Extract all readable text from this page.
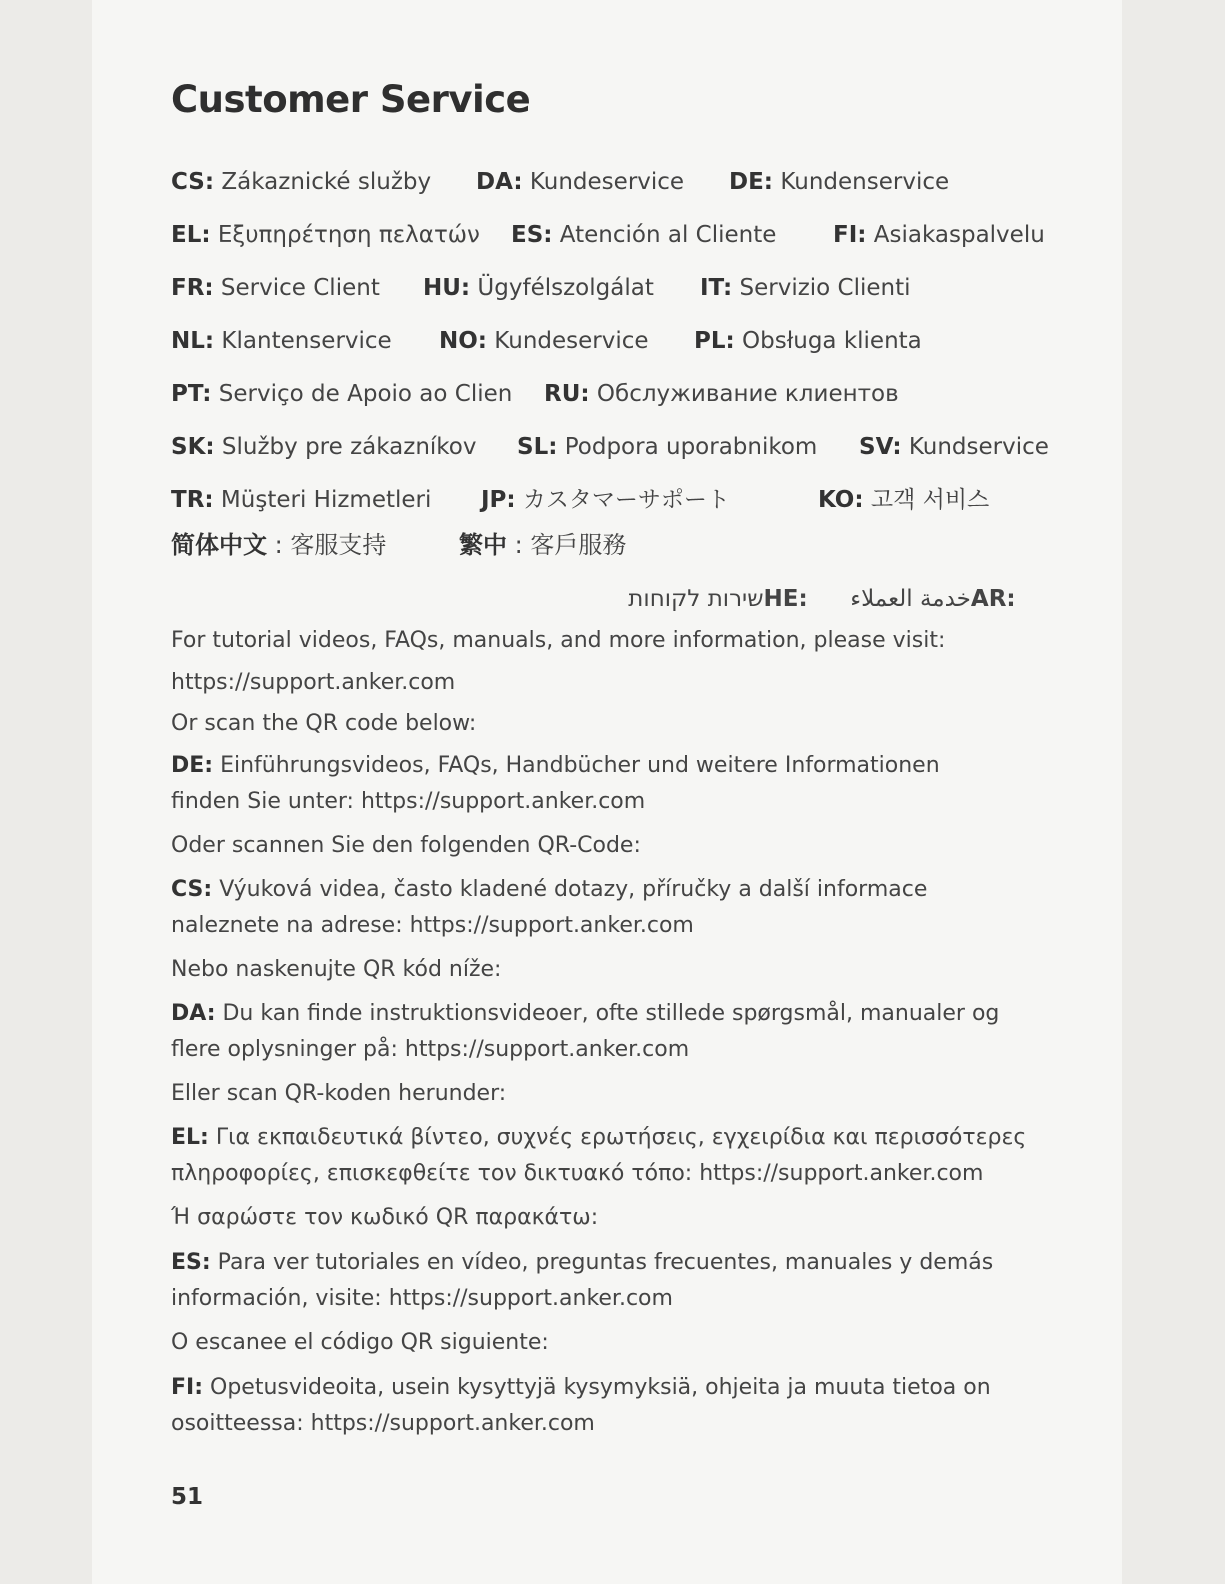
Customer Service
CS: Zákaznické služby DA: Kundeservice DE: Kundenservice
EL: Εξυπηρέτηση πελατών ES: Atención al Cliente FI: Asiakaspalvelu
FR: Service Client HU: Ügyfélszolgálat IT: Servizio Clienti
NL: Klantenservice NO: Kundeservice PL: Obsługa klienta
PT: Serviço de Apoio ao Clien RU: Обслуживание клиентов
SK: Služby pre zákazníkov SL: Podpora uporabnikom SV: Kundservice
TR: Müşteri Hizmetleri JP: カスタマーサポート	KO: 고객 서비스
简体中文 : 客服支持	繁中 : 客戶服務
שירות לקוחות HE: خدمة العملاء AR:

For tutorial videos, FAQs, manuals, and more information, please visit:

https://support.anker.com

Or scan the QR code below:

DE: Einführungsvideos, FAQs, Handbücher und weitere Informationen

finden Sie unter: https://support.anker.com

Oder scannen Sie den folgenden QR-Code:

CS: Výuková videa, často kladené dotazy, příručky a další informace

naleznete na adrese: https://support.anker.com

Nebo naskenujte QR kód níže:

DA: Du kan finde instruktionsvideoer, ofte stillede spørgsmål, manualer og

flere oplysninger på: https://support.anker.com

Eller scan QR-koden herunder:

EL: Για εκπαιδευτικά βίντεο, συχνές ερωτήσεις, εγχειρίδια και περισσότερες

πληροφορίες, επισκεφθείτε τον δικτυακό τόπο: https://support.anker.com

Ή σαρώστε τον κωδικό QR παρακάτω:

ES: Para ver tutoriales en vídeo, preguntas frecuentes, manuales y demás

información, visite: https://support.anker.com

O escanee el código QR siguiente:

FI: Opetusvideoita, usein kysyttyjä kysymyksiä, ohjeita ja muuta tietoa on

osoitteessa: https://support.anker.com

51
